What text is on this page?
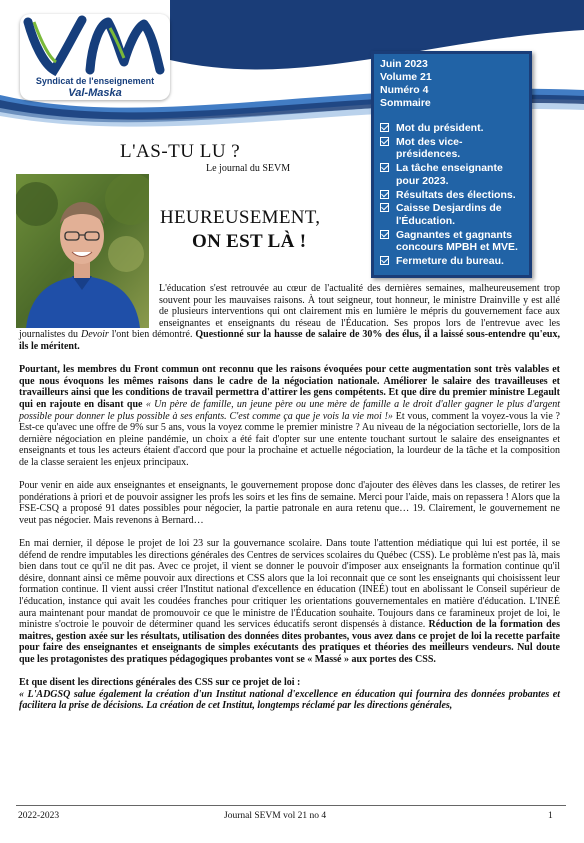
Syndicat de l'enseignement
Val-Maska
Juin 2023
Volume 21
Numéro 4
Sommaire
Mot du président.
Mot des vice-présidences.
La tâche enseignante pour 2023.
Résultats des élections.
Caisse Desjardins de l'Éducation.
Gagnantes et gagnants concours MPBH et MVE.
Fermeture du bureau.
L'AS-TU LU ?
Le journal du SEVM
HEUREUSEMENT,
ON EST LÀ !
2022-2023	Journal SEVM vol 21 no 4	1

L'éducation s'est retrouvée au cœur de l'actualité des dernières semaines, malheureusement trop souvent pour les mauvaises raisons. À tout seigneur, tout honneur, le ministre Drainville y est allé de plusieurs interventions qui ont clairement mis en lumière le mépris du gouvernement face aux enseignantes et enseignants du réseau de l'Éducation. Ses propos lors de l'entrevue avec les journalistes du Devoir l'ont bien démontré. Questionné sur la hausse de salaire de 30% des élus, il a laissé sous-entendre qu'eux, ils le méritent.

Pourtant, les membres du Front commun ont reconnu que les raisons évoquées pour cette augmentation sont très valables et que nous évoquons les mêmes raisons dans le cadre de la négociation nationale. Améliorer le salaire des travailleuses et travailleurs ainsi que les conditions de travail permettra d'attirer les gens compétents. Et que dire du premier ministre Legault qui en rajoute en disant que « Un père de famille, un jeune père ou une mère de famille a le droit d'aller gagner le plus d'argent possible pour donner le plus possible à ses enfants. C'est comme ça que je vois la vie moi !» Et vous, comment la voyez-vous la vie ? Est-ce qu'avec une offre de 9% sur 5 ans, vous la voyez comme le premier ministre ? Au niveau de la négociation sectorielle, lors de la dernière négociation en pleine pandémie, un choix a été fait d'opter sur une entente touchant surtout le salaire des enseignantes et enseignants et tous les acteurs étaient d'accord que pour la prochaine et actuelle négociation, la lourdeur de la tâche et la composition de la classe seraient les enjeux principaux.

Pour venir en aide aux enseignantes et enseignants, le gouvernement propose donc d'ajouter des élèves dans les classes, de retirer les pondérations à priori et de pouvoir assigner les profs les soirs et les fins de semaine. Merci pour l'aide, mais on repassera ! Alors que la FSE-CSQ a proposé 91 dates possibles pour négocier, la partie patronale en aura retenu que… 19. Clairement, le gouvernement ne veut pas négocier. Mais revenons à Bernard…

En mai dernier, il dépose le projet de loi 23 sur la gouvernance scolaire. Dans toute l'attention médiatique qui lui est portée, il se défend de rendre imputables les directions générales des Centres de services scolaires du Québec (CSS). Le problème n'est pas là, mais bien dans tout ce qu'il ne dit pas. Avec ce projet, il vient se donner le pouvoir d'imposer aux enseignants la formation continue qu'il désire, donnant ainsi ce même pouvoir aux directions et CSS alors que la loi reconnait que ce sont les enseignants qui choisissent leur formation continue. Il vient aussi créer l'Institut national d'excellence en éducation (INEÉ) tout en abolissant le Conseil supérieur de l'éducation, instance qui avait les coudées franches pour critiquer les orientations gouvernementales en matière d'éducation. L'INEÉ aura maintenant pour mandat de promouvoir ce que le ministre de l'Éducation souhaite. Toujours dans ce faramineux projet de loi, le ministre s'octroie le pouvoir de déterminer quand les services éducatifs seront dispensés à distance. Réduction de la formation des maitres, gestion axée sur les résultats, utilisation des données dites probantes, vous avez dans ce projet de loi la recette parfaite pour faire des enseignantes et enseignants de simples exécutants des pratiques et théories des meilleurs vendeurs. Nul doute que les protagonistes des pratiques pédagogiques probantes vont se « Massé » aux portes des CSS.

Et que disent les directions générales des CSS sur ce projet de loi :
« L'ADGSQ salue également la création d'un Institut national d'excellence en éducation qui fournira des données probantes et facilitera la prise de décisions. La création de cet Institut, longtemps réclamé par les directions générales,
